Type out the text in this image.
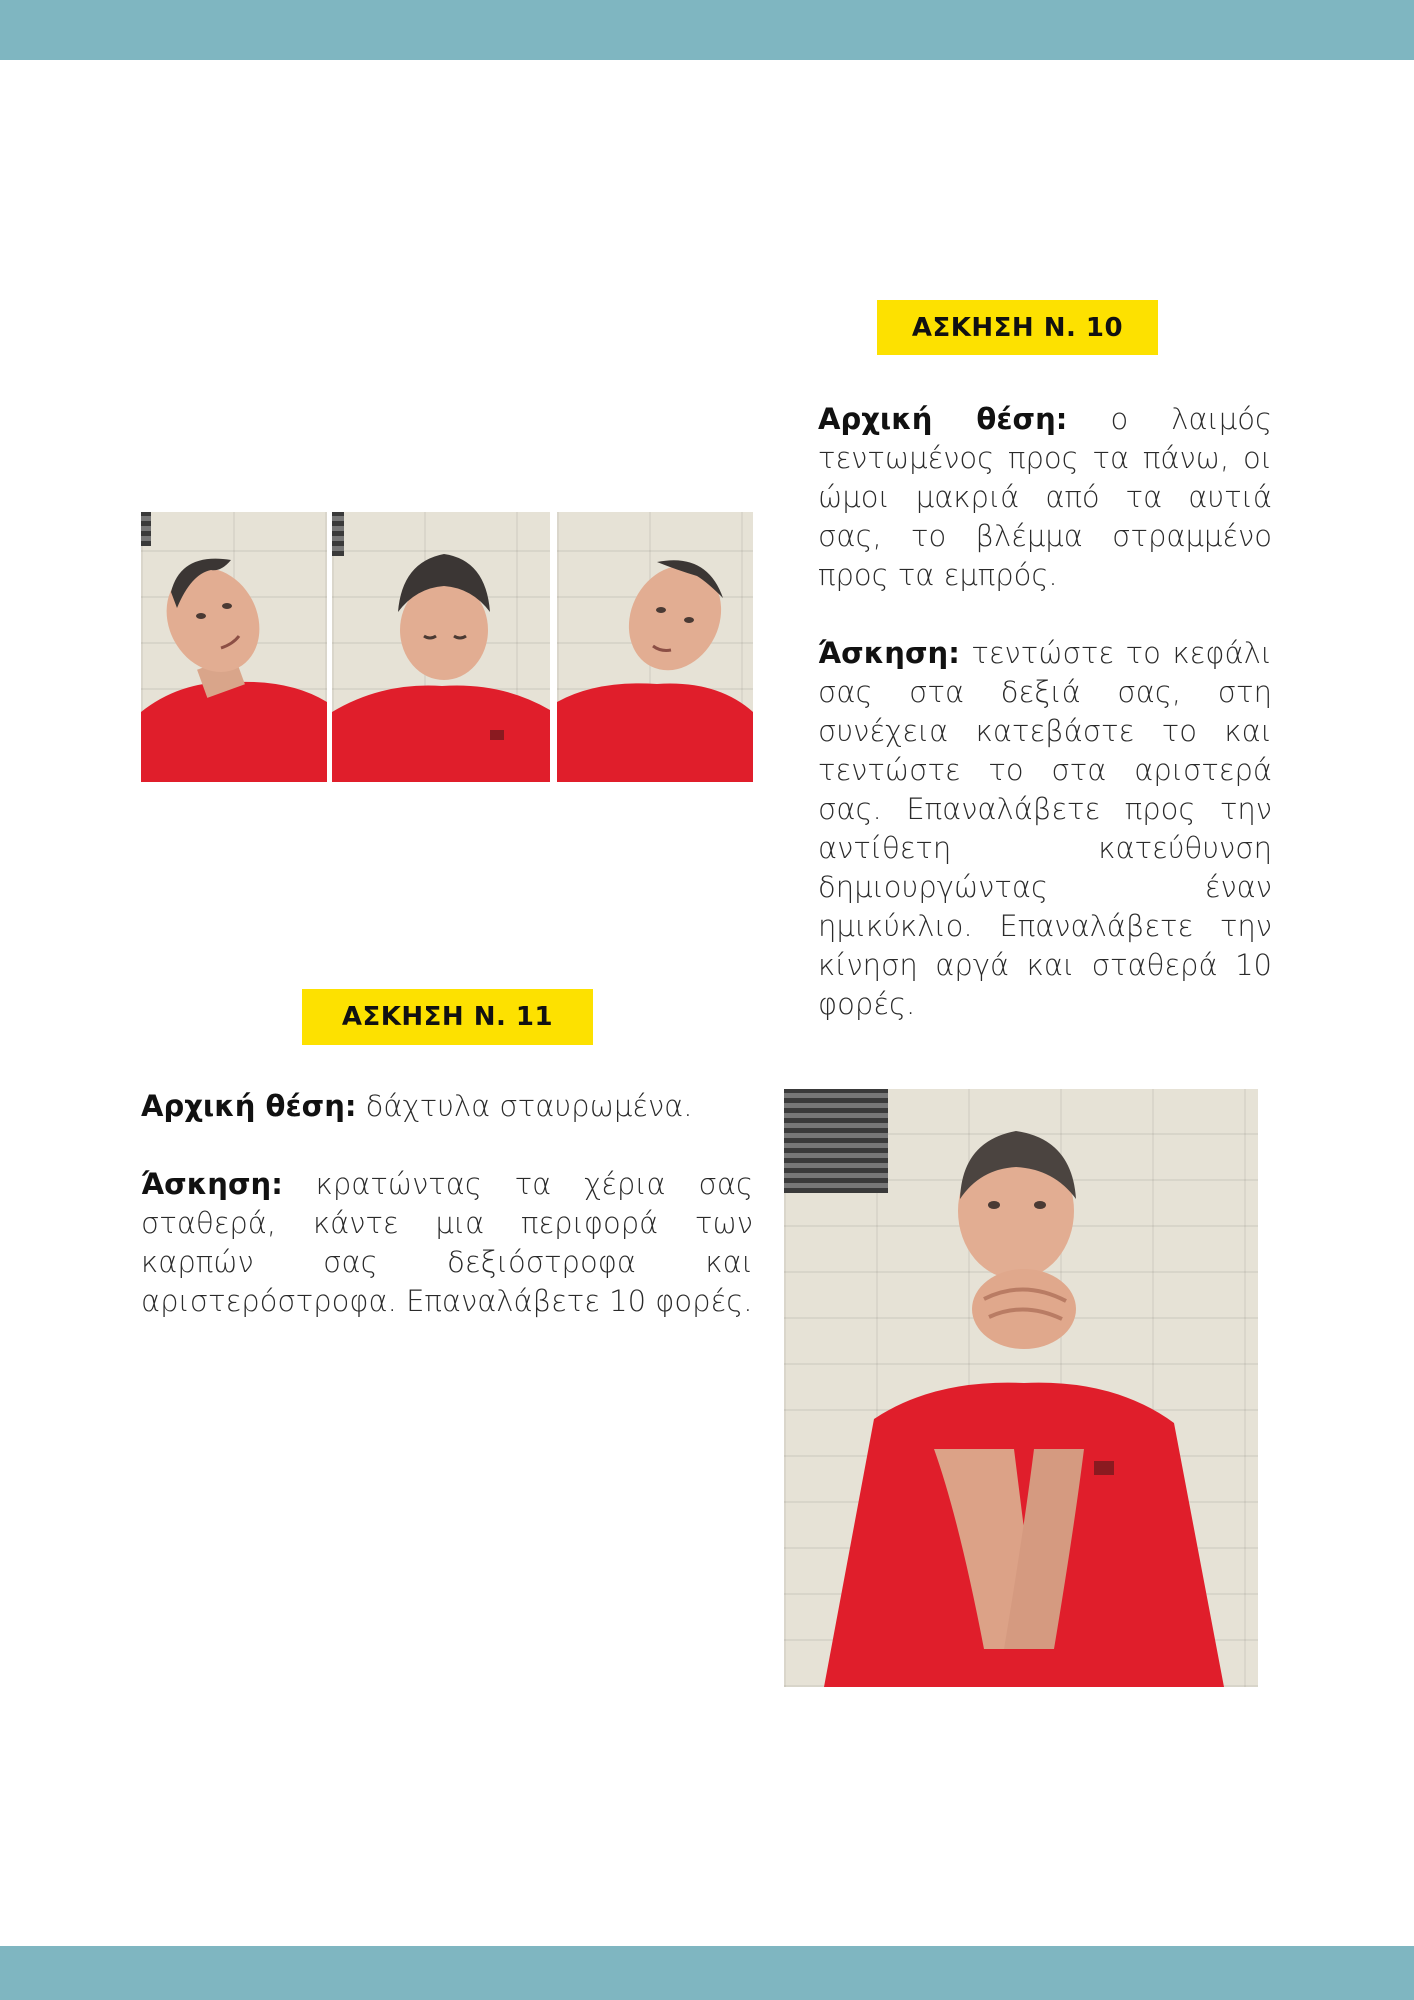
ΑΣΚΗΣΗ Ν. 10

Αρχική θέση: ο λαιμός τεντωμένος προς τα πάνω, οι ώμοι μακριά από τα αυτιά σας, το βλέμμα στραμμένο προς τα εμπρός.

Άσκηση: τεντώστε το κεφάλι σας στα δεξιά σας, στη συνέχεια κατεβάστε το και τεντώστε το στα αριστερά σας. Επαναλάβετε προς την αντίθετη κατεύθυνση δημιουργώντας έναν ημικύκλιο. Επαναλάβετε την κίνηση αργά και σταθερά 10 φορές.

ΑΣΚΗΣΗ Ν. 11

Αρχική θέση: δάχτυλα σταυρωμένα.

Άσκηση: κρατώντας τα χέρια σας σταθερά, κάντε μια περιφορά των καρπών σας δεξιόστροφα και αριστερόστροφα. Επαναλάβετε 10 φορές.
